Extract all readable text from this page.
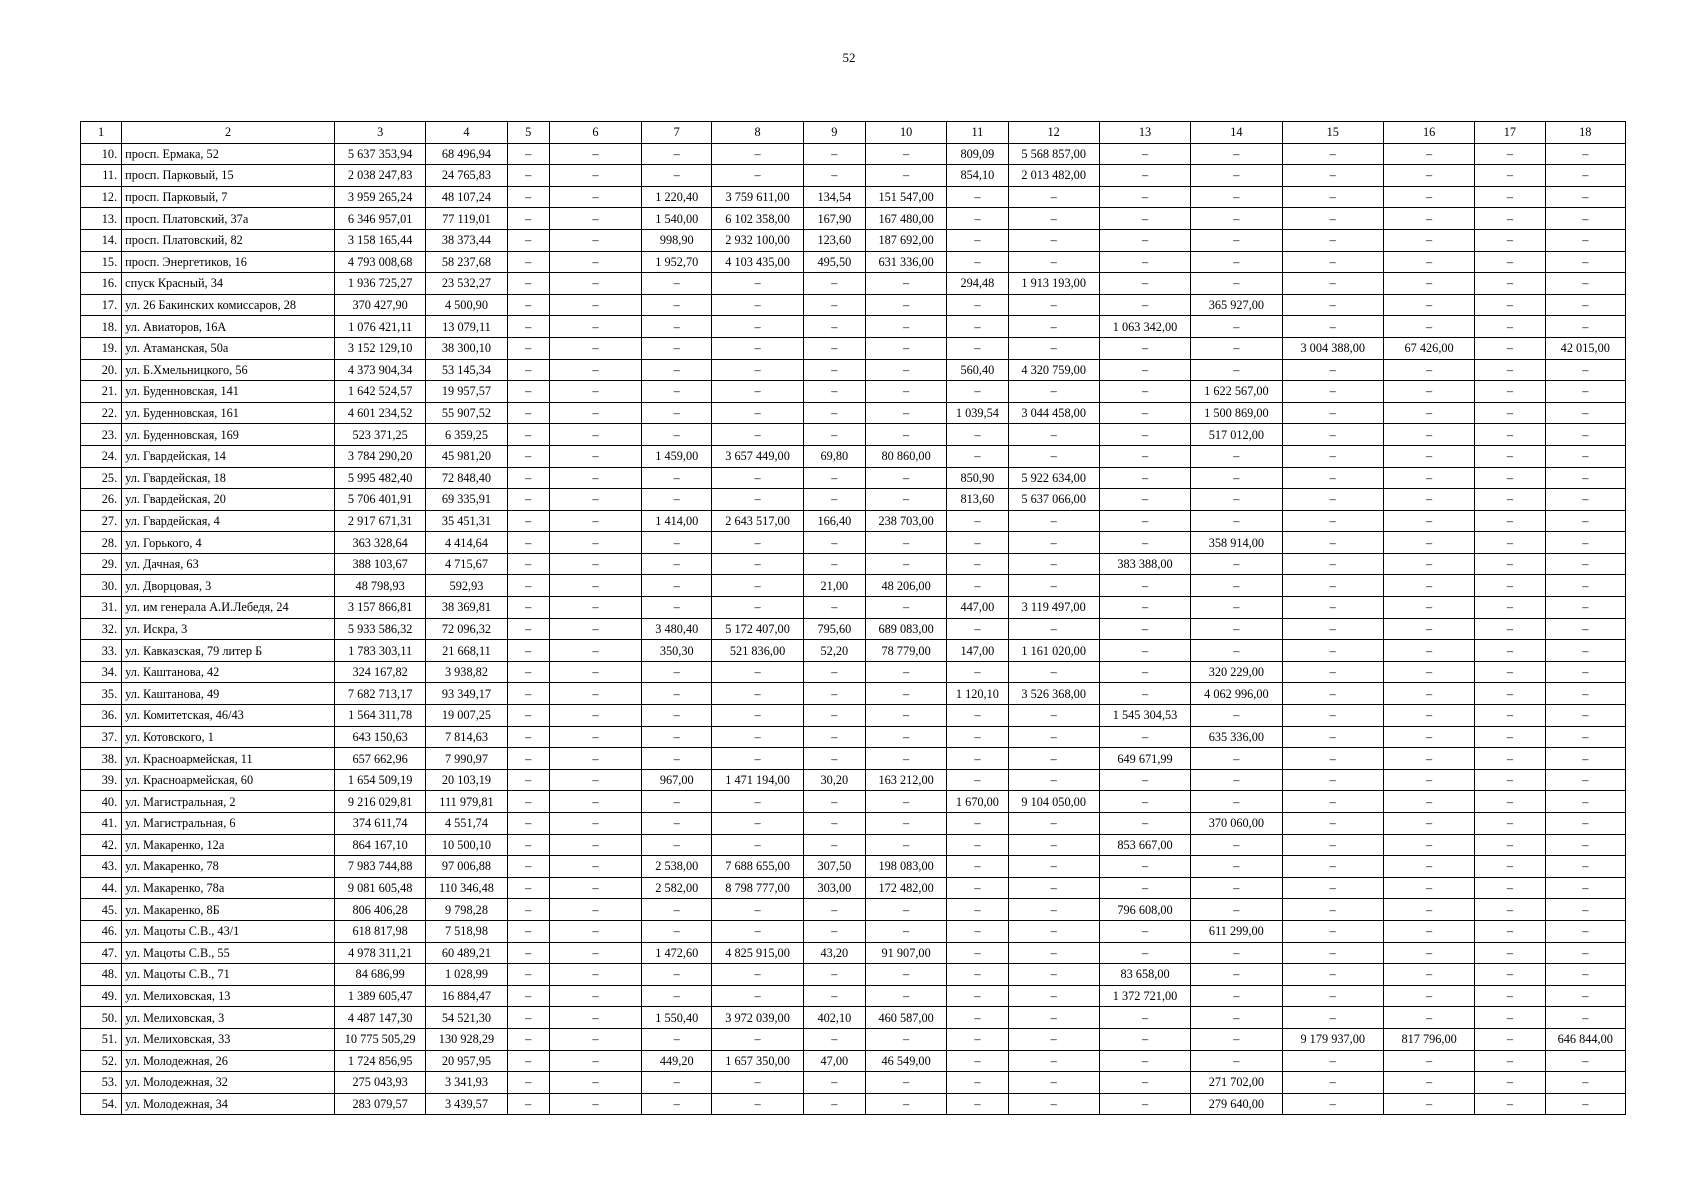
52
1	2	3	4	5	6	7	8	9	10	11	12	13	14	15	16	17	18
10.	просп. Ермака, 52	5 637 353,94	68 496,94	–	–	–	–	–	–	809,09	5 568 857,00	–	–	–	–	–	–
11.	просп. Парковый, 15	2 038 247,83	24 765,83	–	–	–	–	–	–	854,10	2 013 482,00	–	–	–	–	–	–
12.	просп. Парковый, 7	3 959 265,24	48 107,24	–	–	1 220,40	3 759 611,00	134,54	151 547,00	–	–	–	–	–	–	–	–
13.	просп. Платовский, 37а	6 346 957,01	77 119,01	–	–	1 540,00	6 102 358,00	167,90	167 480,00	–	–	–	–	–	–	–	–
14.	просп. Платовский, 82	3 158 165,44	38 373,44	–	–	998,90	2 932 100,00	123,60	187 692,00	–	–	–	–	–	–	–	–
15.	просп. Энергетиков, 16	4 793 008,68	58 237,68	–	–	1 952,70	4 103 435,00	495,50	631 336,00	–	–	–	–	–	–	–	–
16.	спуск Красный, 34	1 936 725,27	23 532,27	–	–	–	–	–	–	294,48	1 913 193,00	–	–	–	–	–	–
17.	ул. 26 Бакинских комиссаров, 28	370 427,90	4 500,90	–	–	–	–	–	–	–	–	–	365 927,00	–	–	–	–
18.	ул. Авиаторов, 16А	1 076 421,11	13 079,11	–	–	–	–	–	–	–	–	1 063 342,00	–	–	–	–	–
19.	ул. Атаманская, 50а	3 152 129,10	38 300,10	–	–	–	–	–	–	–	–	–	–	3 004 388,00	67 426,00	–	42 015,00
20.	ул. Б.Хмельницкого, 56	4 373 904,34	53 145,34	–	–	–	–	–	–	560,40	4 320 759,00	–	–	–	–	–	–
21.	ул. Буденновская, 141	1 642 524,57	19 957,57	–	–	–	–	–	–	–	–	–	1 622 567,00	–	–	–	–
22.	ул. Буденновская, 161	4 601 234,52	55 907,52	–	–	–	–	–	–	1 039,54	3 044 458,00	–	1 500 869,00	–	–	–	–
23.	ул. Буденновская, 169	523 371,25	6 359,25	–	–	–	–	–	–	–	–	–	517 012,00	–	–	–	–
24.	ул. Гвардейская, 14	3 784 290,20	45 981,20	–	–	1 459,00	3 657 449,00	69,80	80 860,00	–	–	–	–	–	–	–	–
25.	ул. Гвардейская, 18	5 995 482,40	72 848,40	–	–	–	–	–	–	850,90	5 922 634,00	–	–	–	–	–	–
26.	ул. Гвардейская, 20	5 706 401,91	69 335,91	–	–	–	–	–	–	813,60	5 637 066,00	–	–	–	–	–	–
27.	ул. Гвардейская, 4	2 917 671,31	35 451,31	–	–	1 414,00	2 643 517,00	166,40	238 703,00	–	–	–	–	–	–	–	–
28.	ул. Горького, 4	363 328,64	4 414,64	–	–	–	–	–	–	–	–	–	358 914,00	–	–	–	–
29.	ул. Дачная, 63	388 103,67	4 715,67	–	–	–	–	–	–	–	–	383 388,00	–	–	–	–	–
30.	ул. Дворцовая, 3	48 798,93	592,93	–	–	–	–	21,00	48 206,00	–	–	–	–	–	–	–	–
31.	ул. им генерала А.И.Лебедя, 24	3 157 866,81	38 369,81	–	–	–	–	–	–	447,00	3 119 497,00	–	–	–	–	–	–
32.	ул. Искра, 3	5 933 586,32	72 096,32	–	–	3 480,40	5 172 407,00	795,60	689 083,00	–	–	–	–	–	–	–	–
33.	ул. Кавказская, 79 литер Б	1 783 303,11	21 668,11	–	–	350,30	521 836,00	52,20	78 779,00	147,00	1 161 020,00	–	–	–	–	–	–
34.	ул. Каштанова, 42	324 167,82	3 938,82	–	–	–	–	–	–	–	–	–	320 229,00	–	–	–	–
35.	ул. Каштанова, 49	7 682 713,17	93 349,17	–	–	–	–	–	–	1 120,10	3 526 368,00	–	4 062 996,00	–	–	–	–
36.	ул. Комитетская, 46/43	1 564 311,78	19 007,25	–	–	–	–	–	–	–	–	1 545 304,53	–	–	–	–	–
37.	ул. Котовского, 1	643 150,63	7 814,63	–	–	–	–	–	–	–	–	–	635 336,00	–	–	–	–
38.	ул. Красноармейская, 11	657 662,96	7 990,97	–	–	–	–	–	–	–	–	649 671,99	–	–	–	–	–
39.	ул. Красноармейская, 60	1 654 509,19	20 103,19	–	–	967,00	1 471 194,00	30,20	163 212,00	–	–	–	–	–	–	–	–
40.	ул. Магистральная, 2	9 216 029,81	111 979,81	–	–	–	–	–	–	1 670,00	9 104 050,00	–	–	–	–	–	–
41.	ул. Магистральная, 6	374 611,74	4 551,74	–	–	–	–	–	–	–	–	–	370 060,00	–	–	–	–
42.	ул. Макаренко, 12а	864 167,10	10 500,10	–	–	–	–	–	–	–	–	853 667,00	–	–	–	–	–
43.	ул. Макаренко, 78	7 983 744,88	97 006,88	–	–	2 538,00	7 688 655,00	307,50	198 083,00	–	–	–	–	–	–	–	–
44.	ул. Макаренко, 78а	9 081 605,48	110 346,48	–	–	2 582,00	8 798 777,00	303,00	172 482,00	–	–	–	–	–	–	–	–
45.	ул. Макаренко, 8Б	806 406,28	9 798,28	–	–	–	–	–	–	–	–	796 608,00	–	–	–	–	–
46.	ул. Мацоты С.В., 43/1	618 817,98	7 518,98	–	–	–	–	–	–	–	–	–	611 299,00	–	–	–	–
47.	ул. Мацоты С.В., 55	4 978 311,21	60 489,21	–	–	1 472,60	4 825 915,00	43,20	91 907,00	–	–	–	–	–	–	–	–
48.	ул. Мацоты С.В., 71	84 686,99	1 028,99	–	–	–	–	–	–	–	–	83 658,00	–	–	–	–	–
49.	ул. Мелиховская, 13	1 389 605,47	16 884,47	–	–	–	–	–	–	–	–	1 372 721,00	–	–	–	–	–
50.	ул. Мелиховская, 3	4 487 147,30	54 521,30	–	–	1 550,40	3 972 039,00	402,10	460 587,00	–	–	–	–	–	–	–	–
51.	ул. Мелиховская, 33	10 775 505,29	130 928,29	–	–	–	–	–	–	–	–	–	–	9 179 937,00	817 796,00	–	646 844,00
52.	ул. Молодежная, 26	1 724 856,95	20 957,95	–	–	449,20	1 657 350,00	47,00	46 549,00	–	–	–	–	–	–	–	–
53.	ул. Молодежная, 32	275 043,93	3 341,93	–	–	–	–	–	–	–	–	–	271 702,00	–	–	–	–
54.	ул. Молодежная, 34	283 079,57	3 439,57	–	–	–	–	–	–	–	–	–	279 640,00	–	–	–	–
